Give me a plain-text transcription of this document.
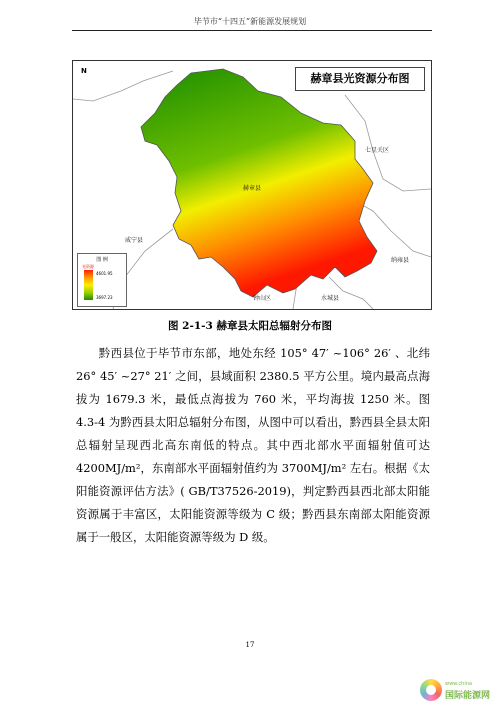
毕节市“十四五”新能源发展规划
N
赫章县光资源分布图
赫章县
七星关区
威宁县
纳雍县
钟山区	水城县
图 例
光资源
4601.95
3697.23
图 2-1-3 赫章县太阳总辐射分布图

黔西县位于毕节市东部，地处东经 105° 47′ ~106° 26′ 、北纬 26° 45′ ~27° 21′ 之间，县域面积 2380.5 平方公里。境内最高点海拔为 1679.3 米，最低点海拔为 760 米，平均海拔 1250 米。图 4.3-4 为黔西县太阳总辐射分布图，从图中可以看出，黔西县全县太阳总辐射呈现西北高东南低的特点。其中西北部水平面辐射值可达 4200MJ/m²，东南部水平面辐射值约为 3700MJ/m² 左右。根据《太阳能资源评估方法》( GB/T37526-2019)，判定黔西县西北部太阳能资源属于丰富区，太阳能资源等级为 C 级；黔西县东南部太阳能资源属于一般区，太阳能资源等级为 D 级。

17
www.china
国际能源网
